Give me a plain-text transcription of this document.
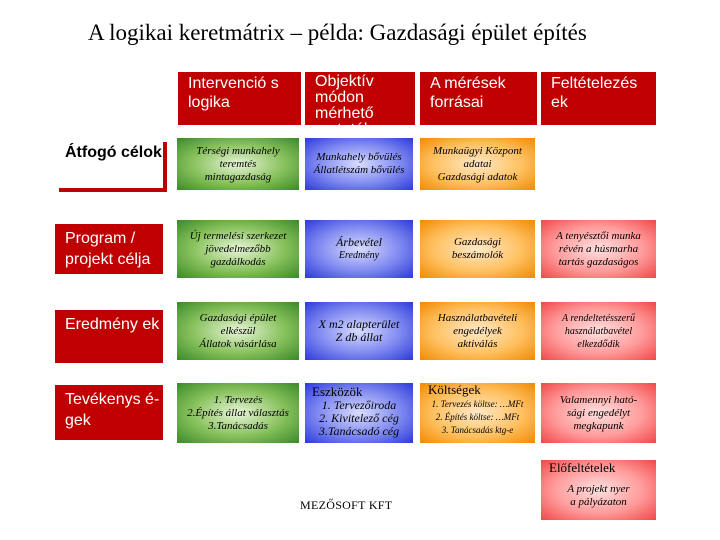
A logikai keretmátrix – példa: Gazdasági épület építés
Intervenció s logika
Objektív módon mérhető mutatók
A mérések forrásai
Feltételezés ek
Átfogó célok
Program / projekt célja
Eredmény ek
Tevékenys é-gek
Térségi munkahely
teremtés
mintagazdaság
Munkahely bővülés
Állatlétszám bővülés
Munkaügyi Központ
adatai
Gazdasági adatok
Új termelési szerkezet
jövedelmezőbb
gazdálkodás
Árbevétel
Eredmény
Gazdasági
beszámolók
A tenyésztői munka
révén a húsmarha
tartás gazdaságos
Gazdasági épület
elkészül
Állatok vásárlása
X m2 alapterület
Z db állat
Használatbavételi
engedélyek
aktiválás
A rendeltetésszerű
használatbavétel
elkezdődik
1. Tervezés
2.Építés állat választás
3.Tanácsadás
1. Tervezőiroda
2. Kivitelező cég
3.Tanácsadó cég
Eszközök
1. Tervezés költse: …MFt
2. Építés költse: …MFt
3. Tanácsadás ktg-e
Költségek
Valamennyi ható-
sági engedélyt
megkapunk
A projekt nyer
a pályázaton
Előfeltételek
MEZŐSOFT KFT
